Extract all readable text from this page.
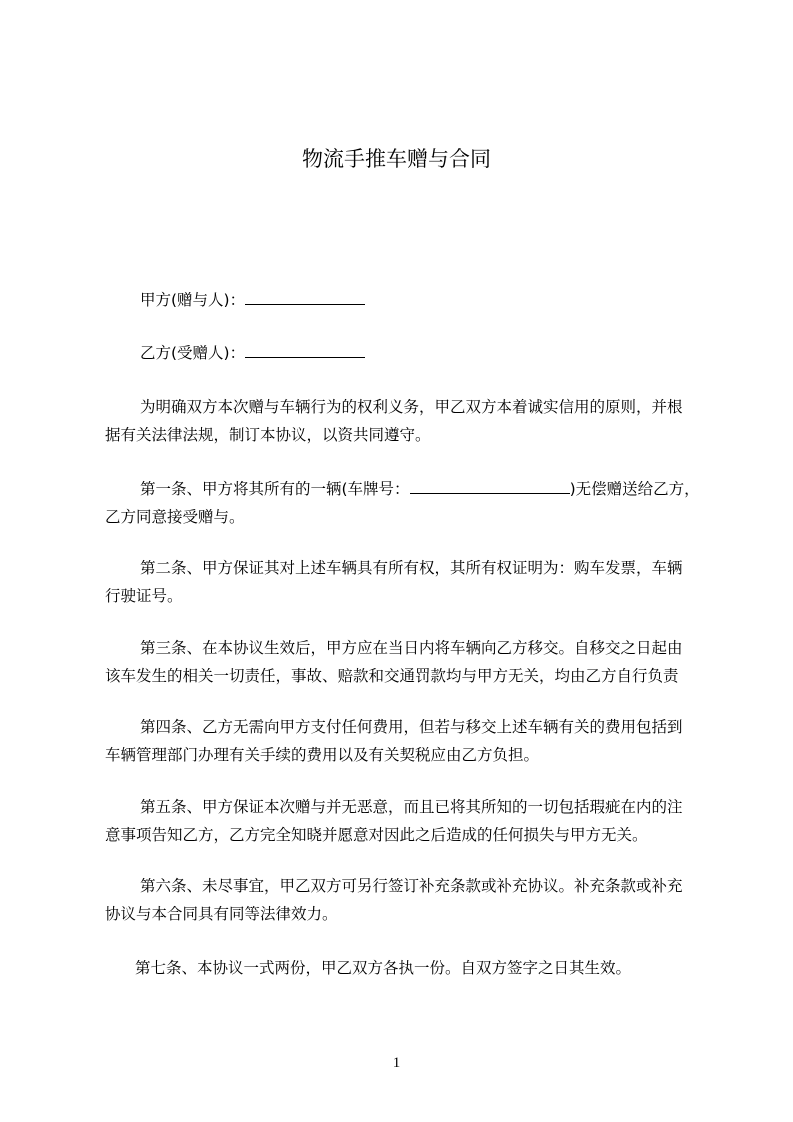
物流手推车赠与合同
甲方(赠与人)：
乙方(受赠人)：
为明确双方本次赠与车辆行为的权利义务，甲乙双方本着诚实信用的原则，并根
据有关法律法规，制订本协议，以资共同遵守。
第一条、甲方将其所有的一辆(车牌号：	)无偿赠送给乙方，
乙方同意接受赠与。
第二条、甲方保证其对上述车辆具有所有权，其所有权证明为：购车发票，车辆
行驶证号。
第三条、在本协议生效后，甲方应在当日内将车辆向乙方移交。自移交之日起由
该车发生的相关一切责任，事故、赔款和交通罚款均与甲方无关，均由乙方自行负责
第四条、乙方无需向甲方支付任何费用，但若与移交上述车辆有关的费用包括到
车辆管理部门办理有关手续的费用以及有关契税应由乙方负担。
第五条、甲方保证本次赠与并无恶意，而且已将其所知的一切包括瑕疵在内的注
意事项告知乙方，乙方完全知晓并愿意对因此之后造成的任何损失与甲方无关。
第六条、未尽事宜，甲乙双方可另行签订补充条款或补充协议。补充条款或补充
协议与本合同具有同等法律效力。
第七条、本协议一式两份，甲乙双方各执一份。自双方签字之日其生效。
1
